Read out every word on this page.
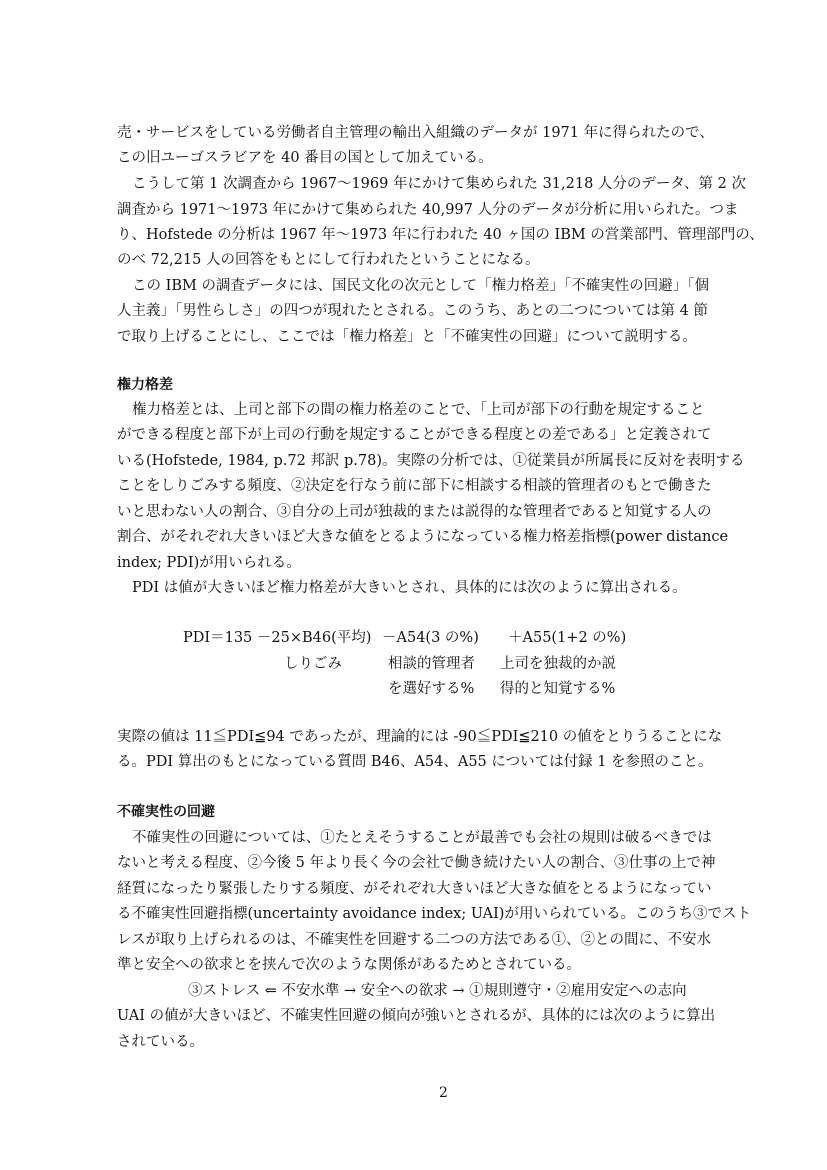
売・サービスをしている労働者自主管理の輸出入組織のデータが 1971 年に得られたので、
この旧ユーゴスラビアを 40 番目の国として加えている。
こうして第 1 次調査から 1967～1969 年にかけて集められた 31,218 人分のデータ、第 2 次
調査から 1971～1973 年にかけて集められた 40,997 人分のデータが分析に用いられた。つま
り、Hofstede の分析は 1967 年～1973 年に行われた 40 ヶ国の IBM の営業部門、管理部門の、
のべ 72,215 人の回答をもとにして行われたということになる。
この IBM の調査データには、国民文化の次元として「権力格差」「不確実性の回避」「個
人主義」「男性らしさ」の四つが現れたとされる。このうち、あとの二つについては第 4 節
で取り上げることにし、ここでは「権力格差」と「不確実性の回避」について説明する。
権力格差
権力格差とは、上司と部下の間の権力格差のことで、「上司が部下の行動を規定すること
ができる程度と部下が上司の行動を規定することができる程度との差である」と定義されて
いる(Hofstede, 1984, p.72 邦訳 p.78)。実際の分析では、①従業員が所属長に反対を表明する
ことをしりごみする頻度、②決定を行なう前に部下に相談する相談的管理者のもとで働きた
いと思わない人の割合、③自分の上司が独裁的または説得的な管理者であると知覚する人の
割合、がそれぞれ大きいほど大きな値をとるようになっている権力格差指標(power distance
index; PDI)が用いられる。
PDI は値が大きいほど権力格差が大きいとされ、具体的には次のように算出される。
PDI＝135 －25×B46(平均) －A54(3 の%) ＋A55(1+2 の%)
しりごみ	相談的管理者 上司を独裁的か説
を選好する% 得的と知覚する%
実際の値は 11≦PDI≦94 であったが、理論的には -90≦PDI≦210 の値をとりうることにな
る。PDI 算出のもとになっている質問 B46、A54、A55 については付録 1 を参照のこと。
不確実性の回避
不確実性の回避については、①たとえそうすることが最善でも会社の規則は破るべきでは
ないと考える程度、②今後 5 年より長く今の会社で働き続けたい人の割合、③仕事の上で神
経質になったり緊張したりする頻度、がそれぞれ大きいほど大きな値をとるようになってい
る不確実性回避指標(uncertainty avoidance index; UAI)が用いられている。このうち③でスト
レスが取り上げられるのは、不確実性を回避する二つの方法である①、②との間に、不安水
準と安全への欲求とを挟んで次のような関係があるためとされている。
③ストレス ⇐ 不安水準 → 安全への欲求 → ①規則遵守・②雇用安定への志向
UAI の値が大きいほど、不確実性回避の傾向が強いとされるが、具体的には次のように算出
されている。
2
